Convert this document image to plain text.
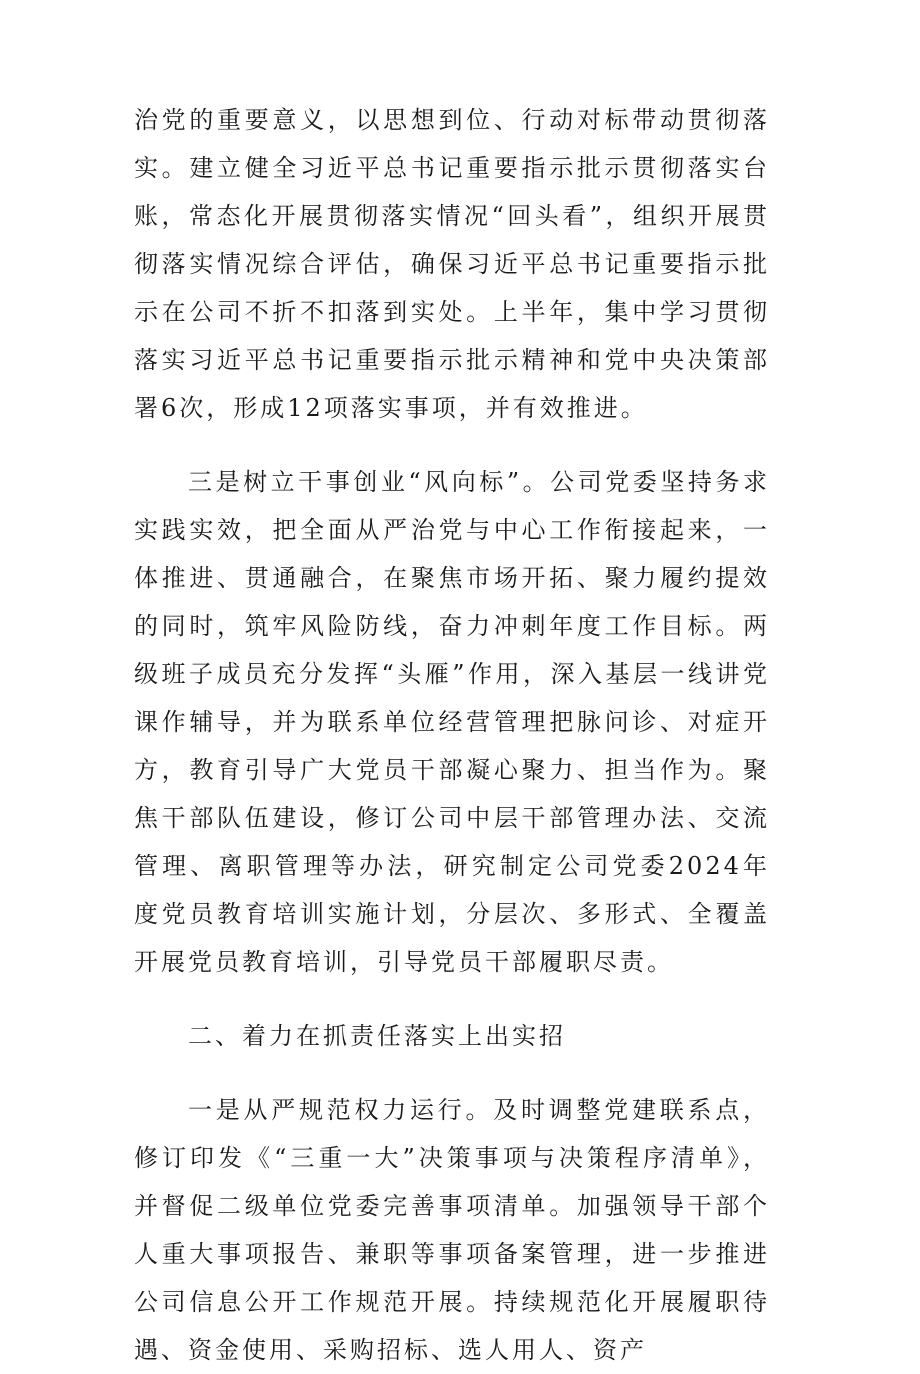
治党的重要意义，以思想到位、行动对标带动贯彻落实。建立健全习近平总书记重要指示批示贯彻落实台账，常态化开展贯彻落实情况“回头看”，组织开展贯彻落实情况综合评估，确保习近平总书记重要指示批示在公司不折不扣落到实处。上半年，集中学习贯彻落实习近平总书记重要指示批示精神和党中央决策部署6次，形成12项落实事项，并有效推进。

三是树立干事创业“风向标”。公司党委坚持务求实践实效，把全面从严治党与中心工作衔接起来，一体推进、贯通融合，在聚焦市场开拓、聚力履约提效的同时，筑牢风险防线，奋力冲刺年度工作目标。两级班子成员充分发挥“头雁”作用，深入基层一线讲党课作辅导，并为联系单位经营管理把脉问诊、对症开方，教育引导广大党员干部凝心聚力、担当作为。聚焦干部队伍建设，修订公司中层干部管理办法、交流管理、离职管理等办法，研究制定公司党委2024年度党员教育培训实施计划，分层次、多形式、全覆盖开展党员教育培训，引导党员干部履职尽责。

二、着力在抓责任落实上出实招

一是从严规范权力运行。及时调整党建联系点，修订印发《“三重一大”决策事项与决策程序清单》，并督促二级单位党委完善事项清单。加强领导干部个人重大事项报告、兼职等事项备案管理，进一步推进公司信息公开工作规范开展。持续规范化开展履职待遇、资金使用、采购招标、选人用人、资产
